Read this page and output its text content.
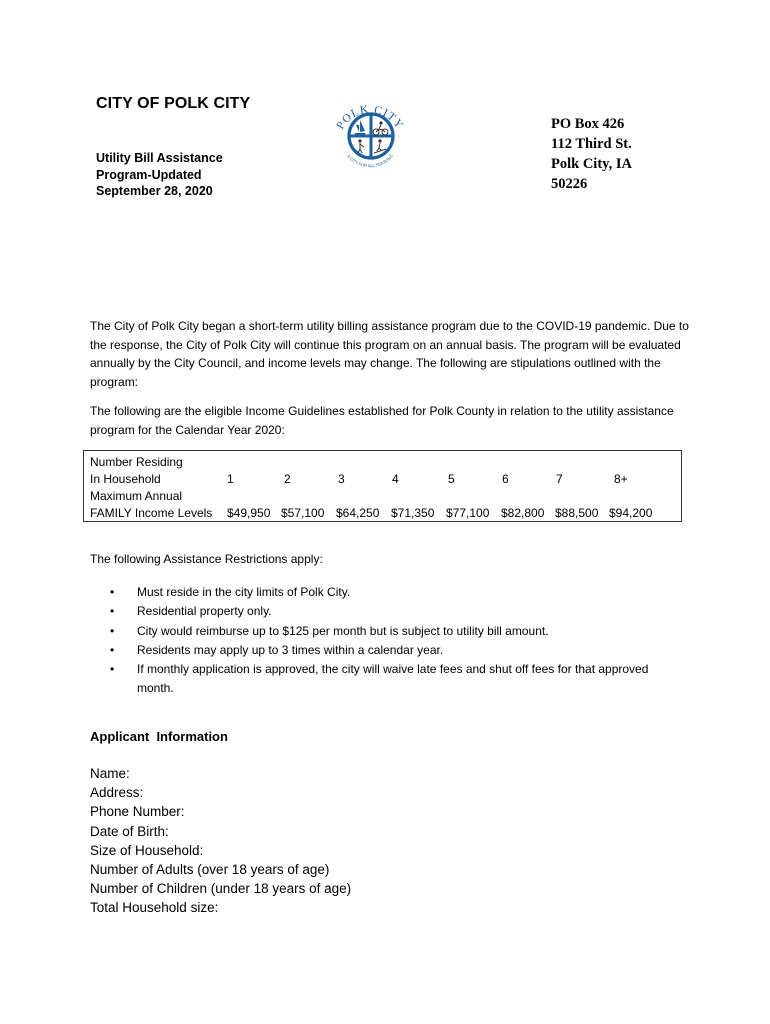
CITY OF POLK CITY
Utility Bill Assistance Program-Updated September 28, 2020
POLK CITY
A CITY FOR ALL SEASONS
PO Box 426
112 Third St.
Polk City, IA
50226
The City of Polk City began a short-term utility billing assistance program due to the COVID-19 pandemic. Due to the response, the City of Polk City will continue this program on an annual basis. The program will be evaluated annually by the City Council, and income levels may change. The following are stipulations outlined with the program:
The following are the eligible Income Guidelines established for Polk County in relation to the utility assistance program for the Calendar Year 2020:
Number Residing
In Household	1	2	3	4	5	6	7	8+
Maximum Annual
FAMILY Income Levels $49,950 $57,100 $64,250 $71,350 $77,100 $82,800 $88,500 $94,200
The following Assistance Restrictions apply:
• Must reside in the city limits of Polk City.
• Residential property only.
• City would reimburse up to $125 per month but is subject to utility bill amount.
• Residents may apply up to 3 times within a calendar year.
• If monthly application is approved, the city will waive late fees and shut off fees for that approved month.
Applicant  Information
Name:
Address:
Phone Number:
Date of Birth:
Size of Household:
Number of Adults (over 18 years of age)
Number of Children (under 18 years of age)
Total Household size:
